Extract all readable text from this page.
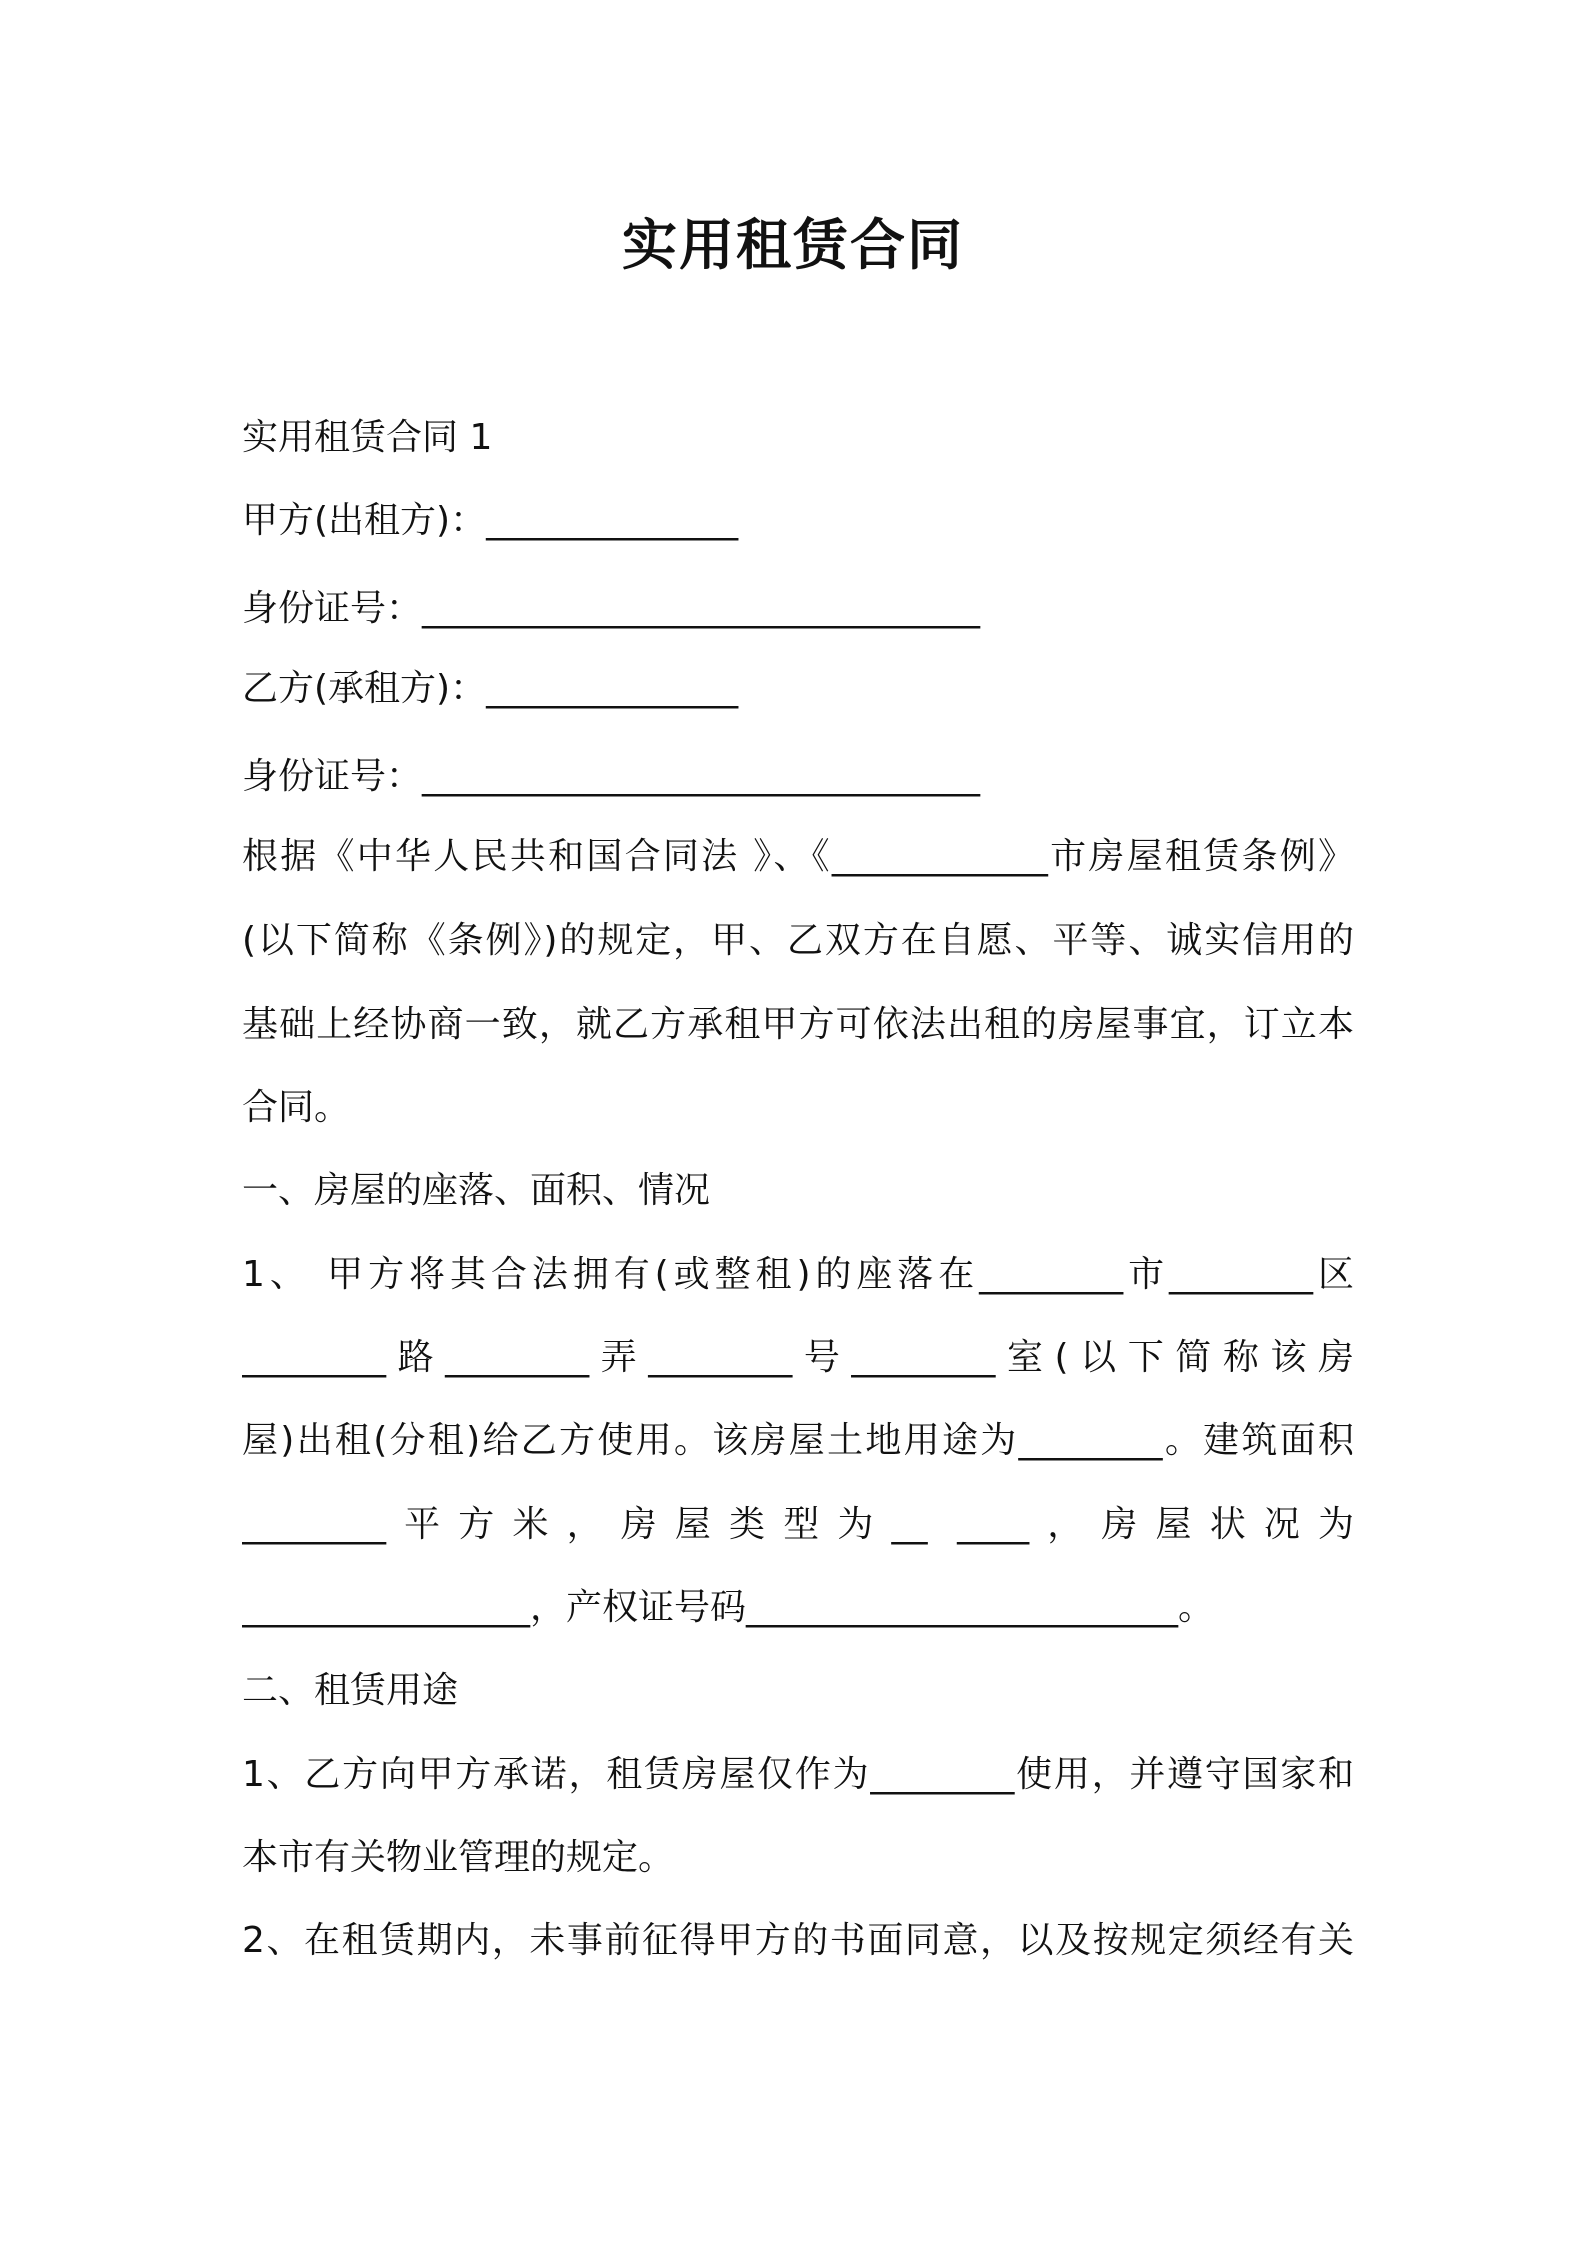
实用租赁合同
实用租赁合同 1
甲方(出租方)：______________
身份证号：_______________________________
乙方(承租方)：______________
身份证号：_______________________________
根据《中华人民共和国合同法 》、《____________市房屋租赁条例》
(以下简称《条例》)的规定，甲、乙双方在自愿、平等、诚实信用的
基础上经协商一致，就乙方承租甲方可依法出租的房屋事宜，订立本
合同。
一、房屋的座落、面积、情况
1、 甲方将其合法拥有(或整租)的座落在________市________区
________路________弄________号________室(以下简称该房
屋)出租(分租)给乙方使用。该房屋土地用途为________。建筑面积
________平方米，房屋类型为__ ____，房屋状况为
________________，产权证号码________________________。
二、租赁用途
1、乙方向甲方承诺，租赁房屋仅作为________使用，并遵守国家和
本市有关物业管理的规定。
2、在租赁期内，未事前征得甲方的书面同意，以及按规定须经有关
